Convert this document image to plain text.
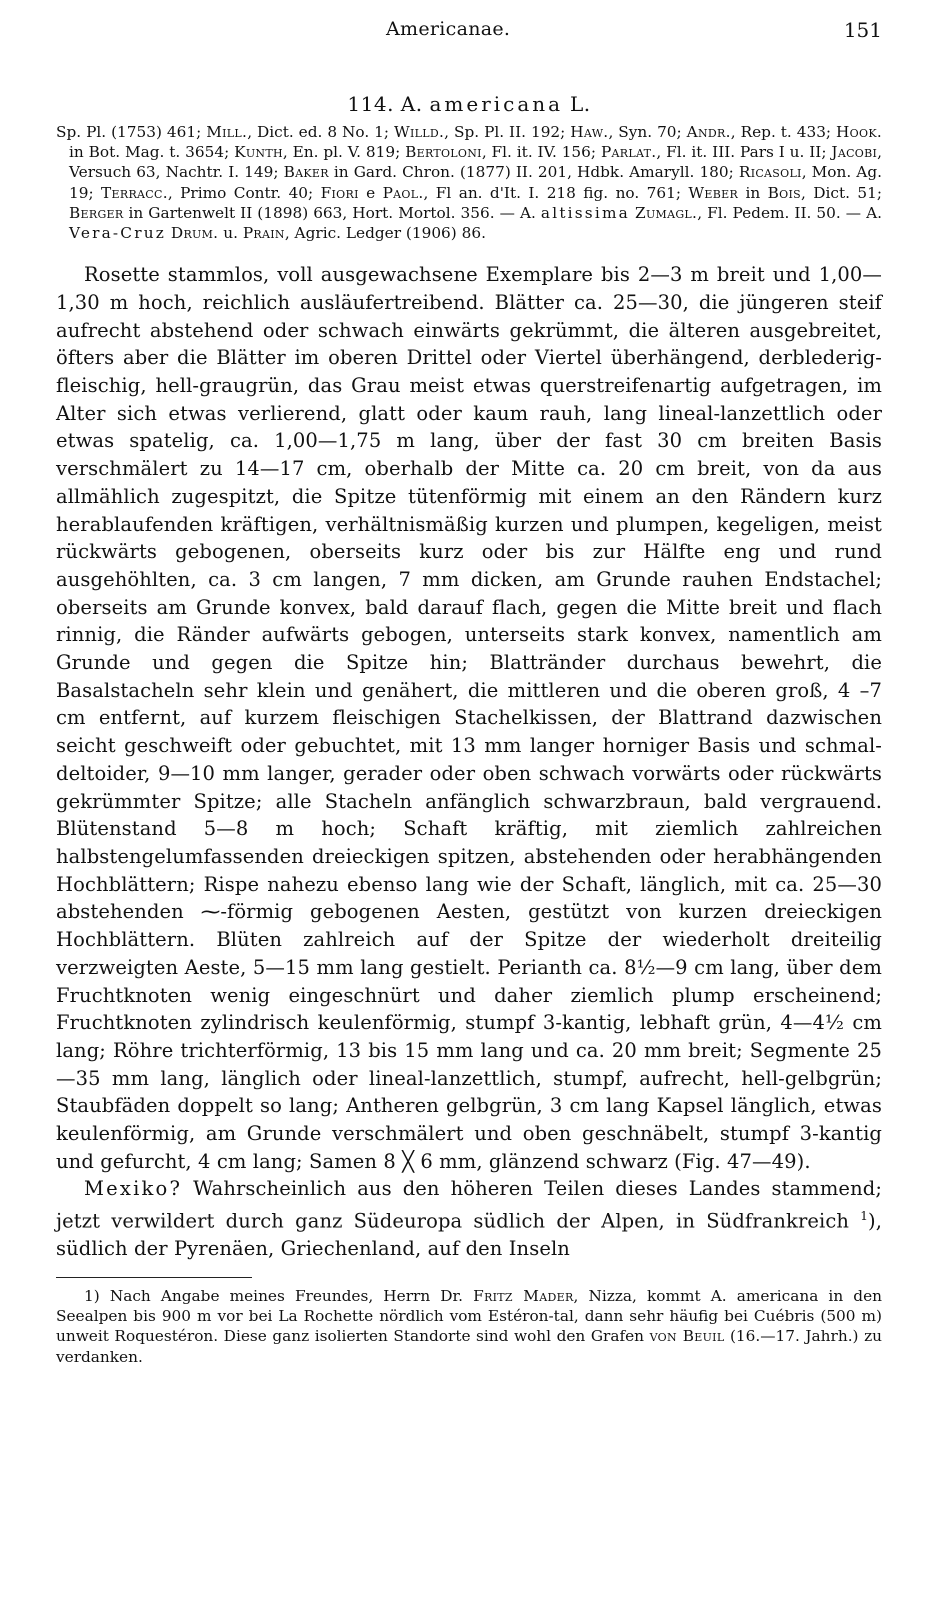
Americanae.	151
114. A. americana L.

Sp. Pl. (1753) 461; Mill., Dict. ed. 8 No. 1; Willd., Sp. Pl. II. 192; Haw., Syn. 70; Andr., Rep. t. 433; Hook. in Bot. Mag. t. 3654; Kunth, En. pl. V. 819; Bertoloni, Fl. it. IV. 156; Parlat., Fl. it. III. Pars I u. II; Jacobi, Versuch 63, Nachtr. I. 149; Baker in Gard. Chron. (1877) II. 201, Hdbk. Amaryll. 180; Ricasoli, Mon. Ag. 19; Terracc., Primo Contr. 40; Fiori e Paol., Fl an. d'It. I. 218 fig. no. 761; Weber in Bois, Dict. 51; Berger in Gartenwelt II (1898) 663, Hort. Mortol. 356. — A. altissima Zumagl., Fl. Pedem. II. 50. — A. Vera-Cruz Drum. u. Prain, Agric. Ledger (1906) 86.

Rosette stammlos, voll ausgewachsene Exemplare bis 2—3 m breit und 1,00—1,30 m hoch, reichlich ausläufertreibend. Blätter ca. 25—30, die jüngeren steif aufrecht abstehend oder schwach einwärts gekrümmt, die älteren ausgebreitet, öfters aber die Blätter im oberen Drittel oder Viertel überhängend, derblederig-fleischig, hell-graugrün, das Grau meist etwas querstreifenartig aufgetragen, im Alter sich etwas verlierend, glatt oder kaum rauh, lang lineal-lanzettlich oder etwas spatelig, ca. 1,00—1,75 m lang, über der fast 30 cm breiten Basis verschmälert zu 14—17 cm, oberhalb der Mitte ca. 20 cm breit, von da aus allmählich zugespitzt, die Spitze tütenförmig mit einem an den Rändern kurz herablaufenden kräftigen, verhältnismäßig kurzen und plumpen, kegeligen, meist rückwärts gebogenen, oberseits kurz oder bis zur Hälfte eng und rund ausgehöhlten, ca. 3 cm langen, 7 mm dicken, am Grunde rauhen Endstachel; oberseits am Grunde konvex, bald darauf flach, gegen die Mitte breit und flach rinnig, die Ränder aufwärts gebogen, unterseits stark konvex, namentlich am Grunde und gegen die Spitze hin; Blattränder durchaus bewehrt, die Basalstacheln sehr klein und genähert, die mittleren und die oberen groß, 4 –7 cm entfernt, auf kurzem fleischigen Stachelkissen, der Blattrand dazwischen seicht geschweift oder gebuchtet, mit 13 mm langer horniger Basis und schmal-deltoider, 9—10 mm langer, gerader oder oben schwach vorwärts oder rückwärts gekrümmter Spitze; alle Stacheln anfänglich schwarzbraun, bald vergrauend. Blütenstand 5—8 m hoch; Schaft kräftig, mit ziemlich zahlreichen halbstengelumfassenden dreieckigen spitzen, abstehenden oder herabhängenden Hochblättern; Rispe nahezu ebenso lang wie der Schaft, länglich, mit ca. 25—30 abstehenden ⁓-förmig gebogenen Aesten, gestützt von kurzen dreieckigen Hochblättern. Blüten zahlreich auf der Spitze der wiederholt dreiteilig verzweigten Aeste, 5—15 mm lang gestielt. Perianth ca. 8½—9 cm lang, über dem Fruchtknoten wenig eingeschnürt und daher ziemlich plump erscheinend; Fruchtknoten zylindrisch keulenförmig, stumpf 3-kantig, lebhaft grün, 4—4½ cm lang; Röhre trichterförmig, 13 bis 15 mm lang und ca. 20 mm breit; Segmente 25—35 mm lang, länglich oder lineal-lanzettlich, stumpf, aufrecht, hell-gelbgrün; Staubfäden doppelt so lang; Antheren gelbgrün, 3 cm lang Kapsel länglich, etwas keulenförmig, am Grunde verschmälert und oben geschnäbelt, stumpf 3-kantig und gefurcht, 4 cm lang; Samen 8 ╳ 6 mm, glänzend schwarz (Fig. 47—49).

Mexiko? Wahrscheinlich aus den höheren Teilen dieses Landes stammend; jetzt verwildert durch ganz Südeuropa südlich der Alpen, in Südfrankreich $^1$), südlich der Pyrenäen, Griechenland, auf den Inseln

1) Nach Angabe meines Freundes, Herrn Dr. Fritz Mader, Nizza, kommt A. americana in den Seealpen bis 900 m vor bei La Rochette nördlich vom Estéron-tal, dann sehr häufig bei Cuébris (500 m) unweit Roquestéron. Diese ganz isolierten Standorte sind wohl den Grafen von Beuil (16.—17. Jahrh.) zu verdanken.
